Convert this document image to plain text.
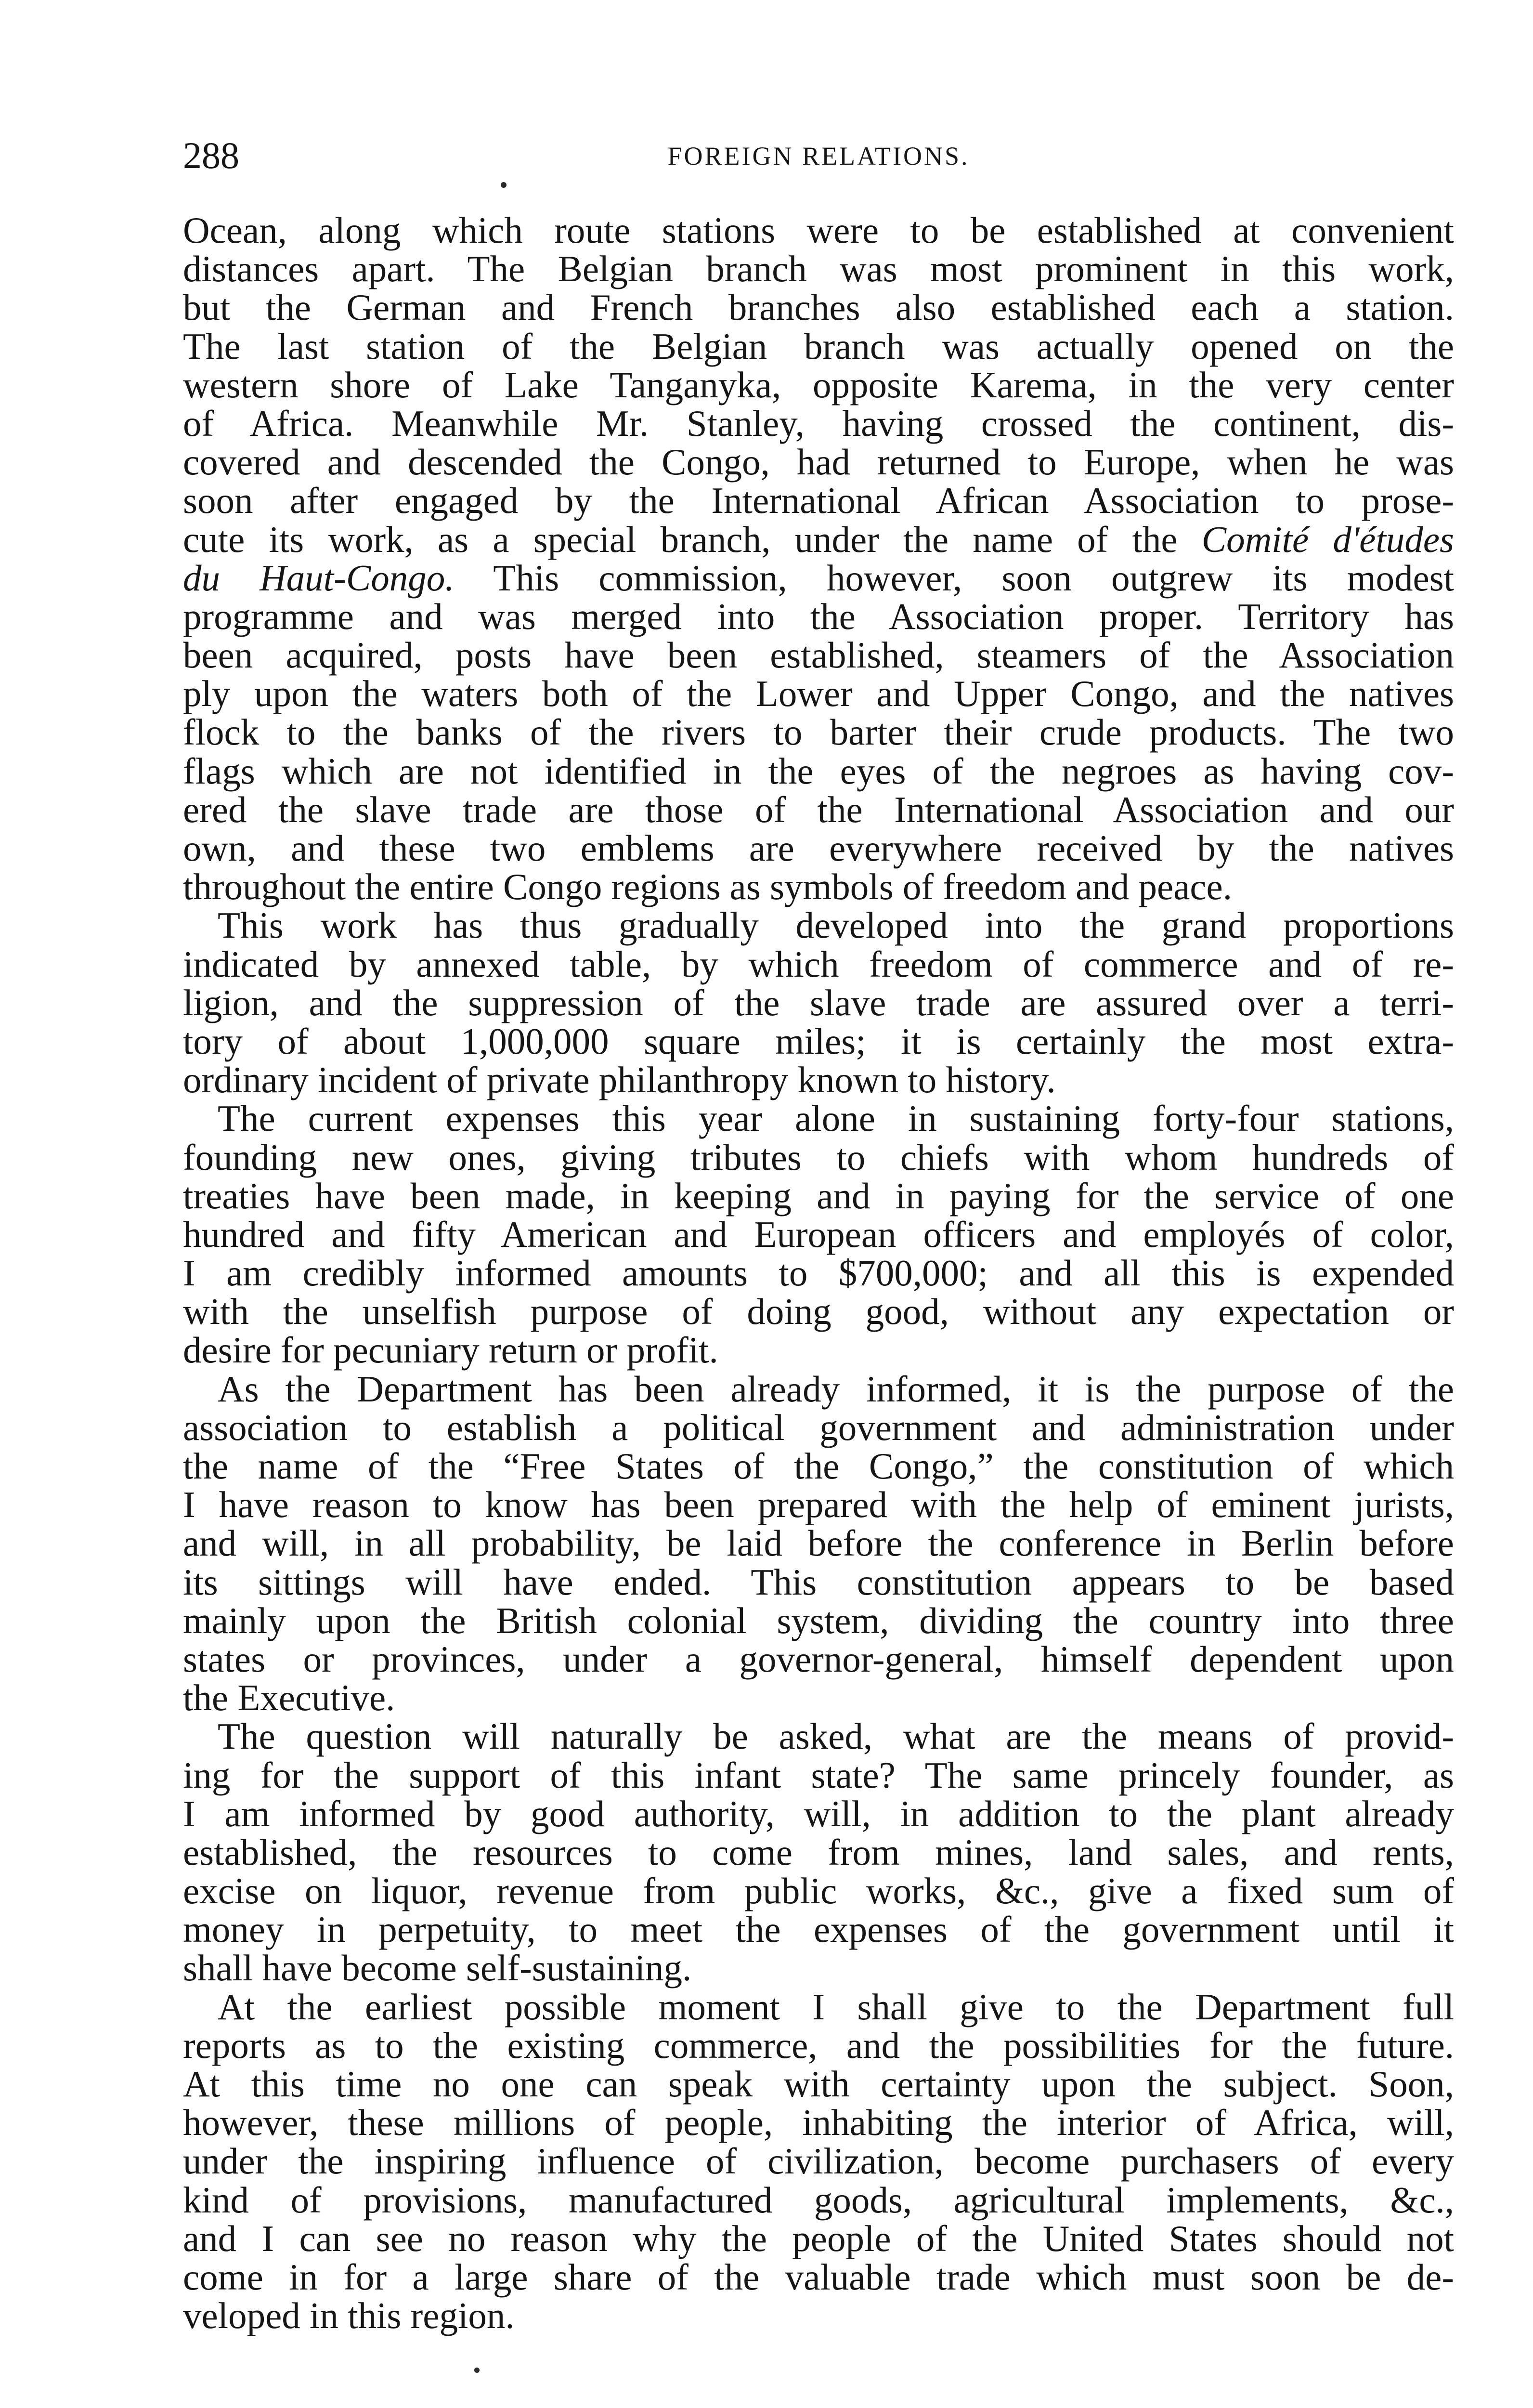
288	FOREIGN RELATIONS.
Ocean, along which route stations were to be established at convenient
distances apart. The Belgian branch was most prominent in this work,
but the German and French branches also established each a station.
The last station of the Belgian branch was actually opened on the
western shore of Lake Tanganyka, opposite Karema, in the very center
of Africa. Meanwhile Mr. Stanley, having crossed the continent, dis-
covered and descended the Congo, had returned to Europe, when he was
soon after engaged by the International African Association to prose-
cute its work, as a special branch, under the name of the Comité d'études
du Haut-Congo. This commission, however, soon outgrew its modest
programme and was merged into the Association proper. Territory has
been acquired, posts have been established, steamers of the Association
ply upon the waters both of the Lower and Upper Congo, and the natives
flock to the banks of the rivers to barter their crude products. The two
flags which are not identified in the eyes of the negroes as having cov-
ered the slave trade are those of the International Association and our
own, and these two emblems are everywhere received by the natives
throughout the entire Congo regions as symbols of freedom and peace.
This work has thus gradually developed into the grand proportions
indicated by annexed table, by which freedom of commerce and of re-
ligion, and the suppression of the slave trade are assured over a terri-
tory of about 1,000,000 square miles; it is certainly the most extra-
ordinary incident of private philanthropy known to history.
The current expenses this year alone in sustaining forty-four stations,
founding new ones, giving tributes to chiefs with whom hundreds of
treaties have been made, in keeping and in paying for the service of one
hundred and fifty American and European officers and employés of color,
I am credibly informed amounts to $700,000; and all this is expended
with the unselfish purpose of doing good, without any expectation or
desire for pecuniary return or profit.
As the Department has been already informed, it is the purpose of the
association to establish a political government and administration under
the name of the “Free States of the Congo,” the constitution of which
I have reason to know has been prepared with the help of eminent jurists,
and will, in all probability, be laid before the conference in Berlin before
its sittings will have ended. This constitution appears to be based
mainly upon the British colonial system, dividing the country into three
states or provinces, under a governor-general, himself dependent upon
the Executive.
The question will naturally be asked, what are the means of provid-
ing for the support of this infant state? The same princely founder, as
I am informed by good authority, will, in addition to the plant already
established, the resources to come from mines, land sales, and rents,
excise on liquor, revenue from public works, &c., give a fixed sum of
money in perpetuity, to meet the expenses of the government until it
shall have become self-sustaining.
At the earliest possible moment I shall give to the Department full
reports as to the existing commerce, and the possibilities for the future.
At this time no one can speak with certainty upon the subject. Soon,
however, these millions of people, inhabiting the interior of Africa, will,
under the inspiring influence of civilization, become purchasers of every
kind of provisions, manufactured goods, agricultural implements, &c.,
and I can see no reason why the people of the United States should not
come in for a large share of the valuable trade which must soon be de-
veloped in this region.
